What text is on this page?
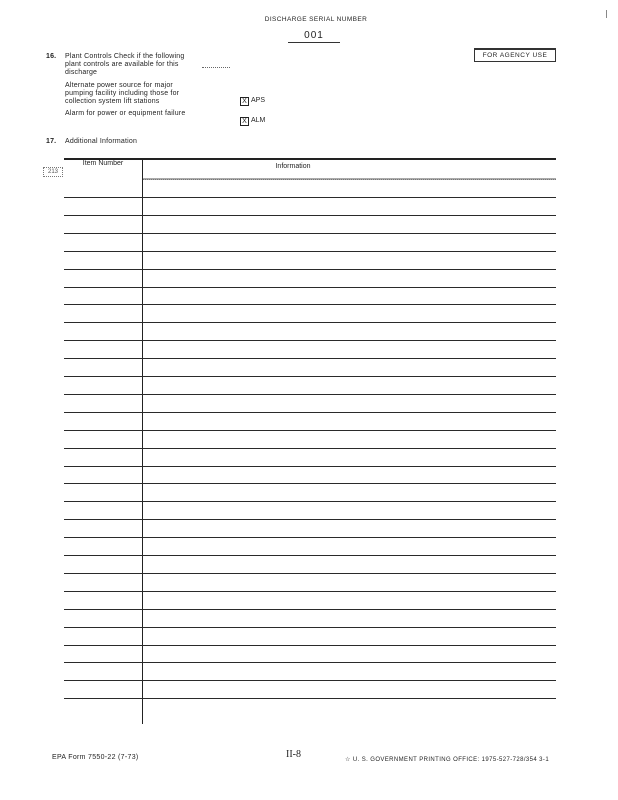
DISCHARGE SERIAL NUMBER
001
FOR AGENCY USE
16. Plant Controls Check if the following plant controls are available for this discharge
Alternate power source for major pumping facility including those for collection system lift stations	X APS
Alarm for power or equipment failure
X ALM
17. Additional Information
213
Item Number	Information
EPA Form 7550-22 (7-73)	II-8	☆ U. S. GOVERNMENT PRINTING OFFICE: 1975-527-728/354 3-1
